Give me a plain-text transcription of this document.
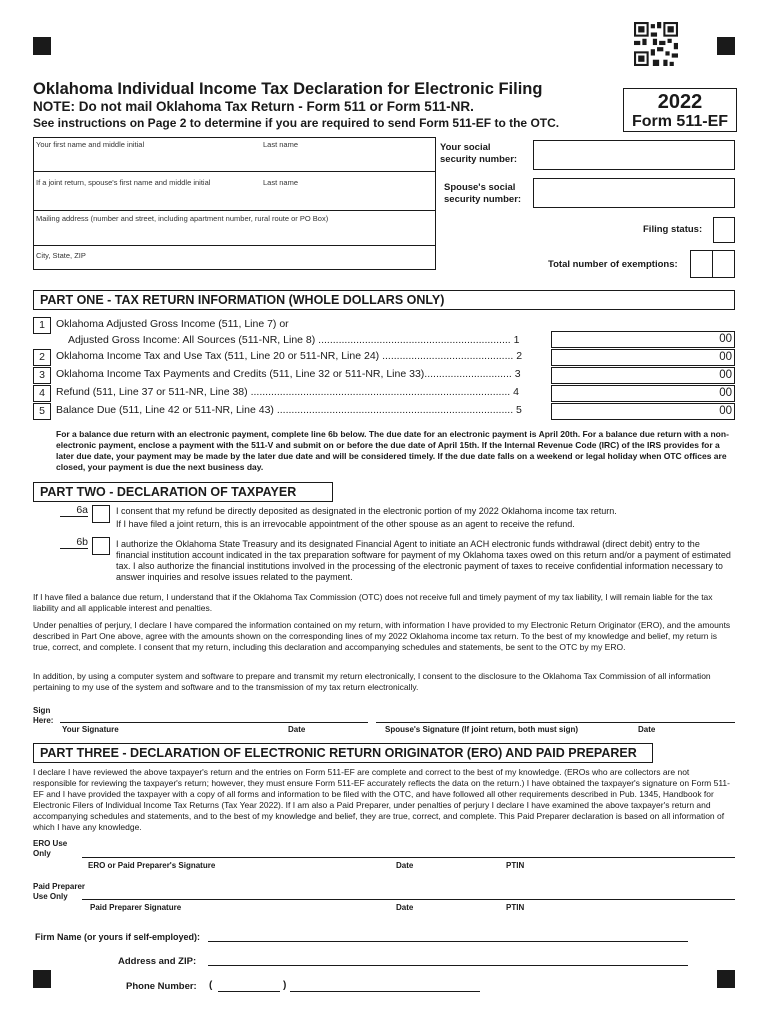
Oklahoma Individual Income Tax Declaration for Electronic Filing
NOTE: Do not mail Oklahoma Tax Return - Form 511 or Form 511-NR.
See instructions on Page 2 to determine if you are required to send Form 511-EF to the OTC.
2022
Form 511-EF
Your first name and middle initial	Last name
If a joint return, spouse's first name and middle initial	Last name
Mailing address (number and street, including apartment number, rural route or PO Box)
City, State, ZIP
Your social
security number:
Spouse's social
security number:
Filing status:
Total number of exemptions:
PART ONE - TAX RETURN INFORMATION (WHOLE DOLLARS ONLY)
1	Oklahoma Adjusted Gross Income (511, Line 7) or
Adjusted Gross Income: All Sources (511-NR, Line 8) .................................................................. 1	00
2	Oklahoma Income Tax and Use Tax (511, Line 20 or 511-NR, Line 24) ............................................. 2	00
3	Oklahoma Income Tax Payments and Credits (511, Line 32 or 511-NR, Line 33).............................. 3	00
4	Refund (511, Line 37 or 511-NR, Line 38) ......................................................................................... 4	00
5	Balance Due (511, Line 42 or 511-NR, Line 43) ................................................................................. 5	00
For a balance due return with an electronic payment, complete line 6b below. The due date for an electronic payment is April 20th. For a balance due return with a non-electronic payment, enclose a payment with the 511-V and submit on or before the due date of April 15th. If the Internal Revenue Code (IRC) of the IRS provides for a later due date, your payment may be made by the later due date and will be considered timely. If the due date falls on a weekend or legal holiday when OTC offices are closed, your payment is due the next business day.
PART TWO - DECLARATION OF TAXPAYER
6a	I consent that my refund be directly deposited as designated in the electronic portion of my 2022 Oklahoma income tax return.
If I have filed a joint return, this is an irrevocable appointment of the other spouse as an agent to receive the refund.
6b	I authorize the Oklahoma State Treasury and its designated Financial Agent to initiate an ACH electronic funds withdrawal (direct debit) entry to the financial institution account indicated in the tax preparation software for payment of my Oklahoma taxes owed on this return and/or a payment of estimated tax. I also authorize the financial institutions involved in the processing of the electronic payment of taxes to receive confidential information necessary to answer inquiries and resolve issues related to the payment.
If I have filed a balance due return, I understand that if the Oklahoma Tax Commission (OTC) does not receive full and timely payment of my tax liability, I will remain liable for the tax liability and all applicable interest and penalties.
Under penalties of perjury, I declare I have compared the information contained on my return, with information I have provided to my Electronic Return Originator (ERO), and the amounts described in Part One above, agree with the amounts shown on the corresponding lines of my 2022 Oklahoma income tax return. To the best of my knowledge and belief, my return is true, correct, and complete. I consent that my return, including this declaration and accompanying schedules and statements, be sent to the OTC by my ERO.
In addition, by using a computer system and software to prepare and transmit my return electronically, I consent to the disclosure to the Oklahoma Tax Commission of all information pertaining to my use of the system and software and to the transmission of my tax return electronically.
Sign
Here:
Your Signature	Date	Spouse's Signature (If joint return, both must sign)	Date
PART THREE - DECLARATION OF ELECTRONIC RETURN ORIGINATOR (ERO) AND PAID PREPARER
I declare I have reviewed the above taxpayer's return and the entries on Form 511-EF are complete and correct to the best of my knowledge. (EROs who are collectors are not responsible for reviewing the taxpayer's return; however, they must ensure Form 511-EF accurately reflects the data on the return.) I have obtained the taxpayer's signature on Form 511-EF and I have provided the taxpayer with a copy of all forms and information to be filed with the OTC, and have followed all other requirements described in Pub. 1345, Handbook for Electronic Filers of Individual Income Tax Returns (Tax Year 2022). If I am also a Paid Preparer, under penalties of perjury I declare I have examined the above taxpayer's return and accompanying schedules and statements, and to the best of my knowledge and belief, they are true, correct, and complete. This Paid Preparer declaration is based on all information of which I have any knowledge.
ERO Use
Only
ERO or Paid Preparer's Signature	Date	PTIN
Paid Preparer
Use Only
Paid Preparer Signature	Date	PTIN
Firm Name (or yours if self-employed):
Address and ZIP:
Phone Number: (	)
